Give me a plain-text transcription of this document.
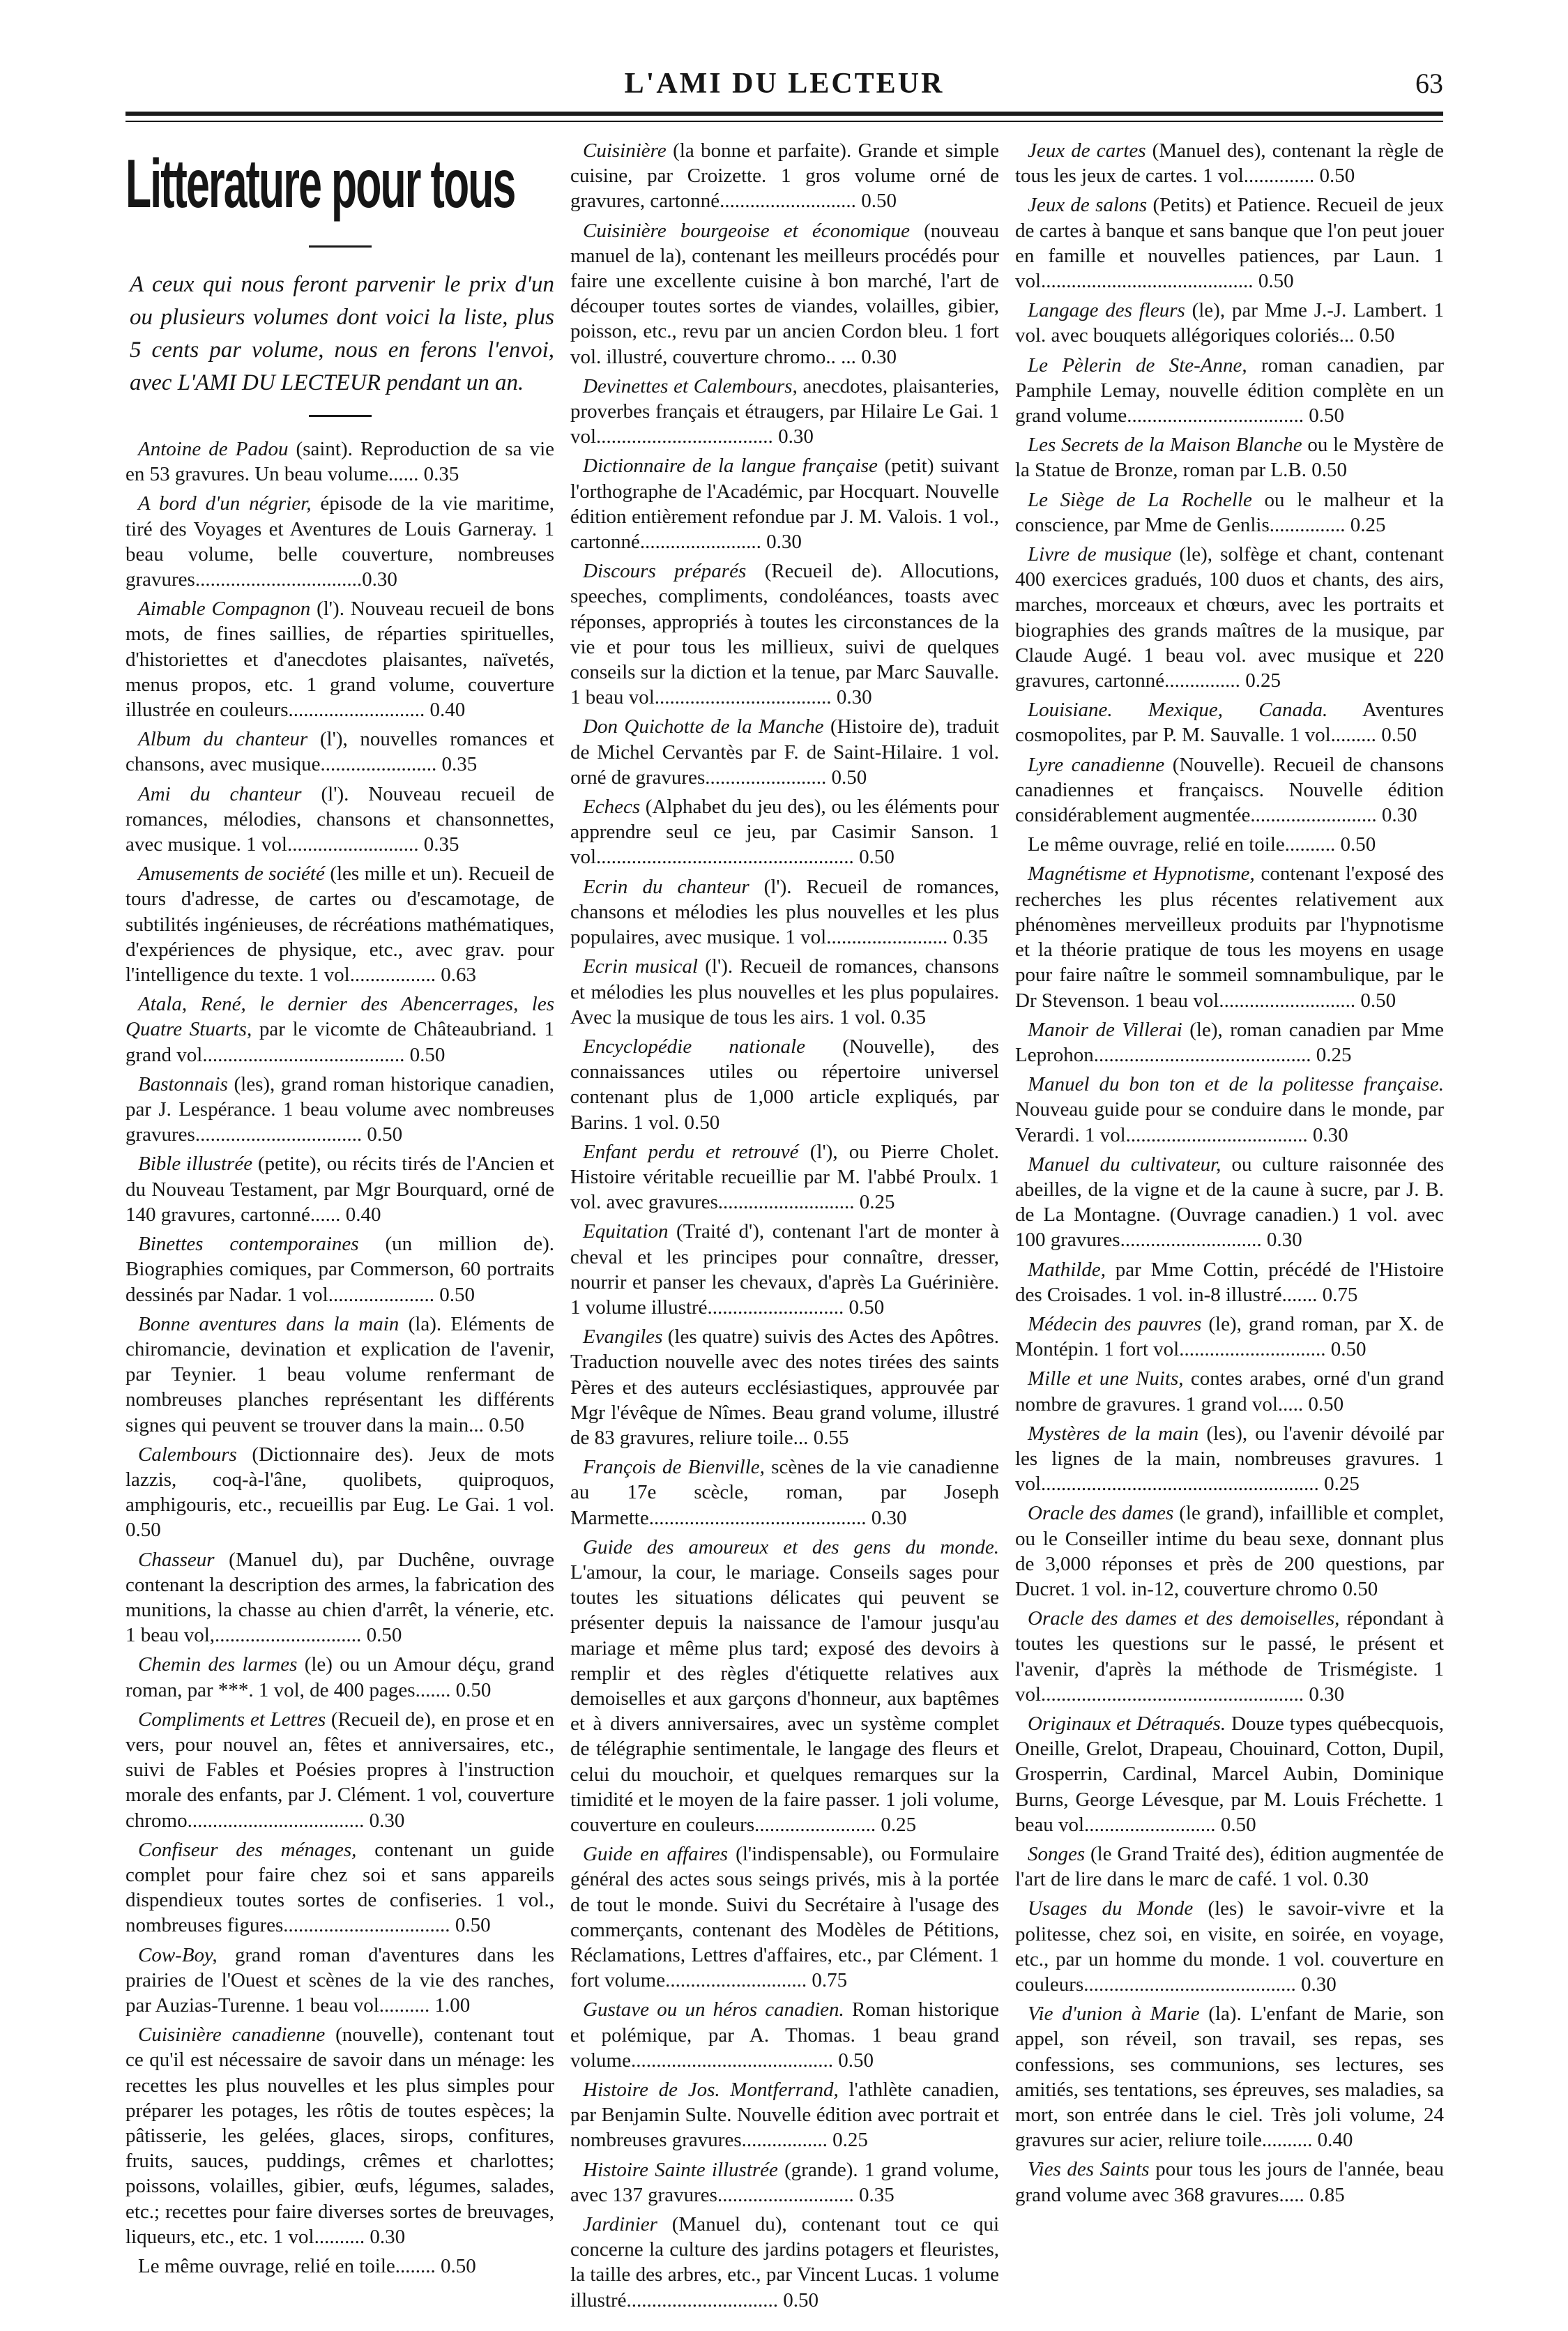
L'AMI DU LECTEUR	63
Litterature pour tous
A ceux qui nous feront parvenir le prix d'un ou plusieurs volumes dont voici la liste, plus 5 cents par volume, nous en ferons l'envoi, avec L'AMI DU LECTEUR pendant un an.
Antoine de Padou (saint). Reproduction de sa vie en 53 gravures. Un beau volume...... 0.35
A bord d'un négrier, épisode de la vie maritime, tiré des Voyages et Aventures de Louis Garneray. 1 beau volume, belle couverture, nombreuses gravures.................................0.30
Aimable Compagnon (l'). Nouveau recueil de bons mots, de fines saillies, de réparties spirituelles, d'historiettes et d'anecdotes plaisantes, naïvetés, menus propos, etc. 1 grand volume, couverture illustrée en couleurs........................... 0.40
Album du chanteur (l'), nouvelles romances et chansons, avec musique....................... 0.35
Ami du chanteur (l'). Nouveau recueil de romances, mélodies, chansons et chansonnettes, avec musique. 1 vol.......................... 0.35
Amusements de société (les mille et un). Recueil de tours d'adresse, de cartes ou d'escamotage, de subtilités ingénieuses, de récréations mathématiques, d'expériences de physique, etc., avec grav. pour l'intelligence du texte. 1 vol................. 0.63
Atala, René, le dernier des Abencerrages, les Quatre Stuarts, par le vicomte de Châteaubriand. 1 grand vol........................................ 0.50
Bastonnais (les), grand roman historique canadien, par J. Lespérance. 1 beau volume avec nombreuses gravures................................. 0.50
Bible illustrée (petite), ou récits tirés de l'Ancien et du Nouveau Testament, par Mgr Bourquard, orné de 140 gravures, cartonné...... 0.40
Binettes contemporaines (un million de). Biographies comiques, par Commerson, 60 portraits dessinés par Nadar. 1 vol..................... 0.50
Bonne aventures dans la main (la). Eléments de chiromancie, devination et explication de l'avenir, par Teynier. 1 beau volume renfermant de nombreuses planches représentant les différents signes qui peuvent se trouver dans la main... 0.50
Calembours (Dictionnaire des). Jeux de mots lazzis, coq-à-l'âne, quolibets, quiproquos, amphigouris, etc., recueillis par Eug. Le Gai. 1 vol. 0.50
Chasseur (Manuel du), par Duchêne, ouvrage contenant la description des armes, la fabrication des munitions, la chasse au chien d'arrêt, la vénerie, etc. 1 beau vol,............................. 0.50
Chemin des larmes (le) ou un Amour déçu, grand roman, par ***. 1 vol, de 400 pages....... 0.50
Compliments et Lettres (Recueil de), en prose et en vers, pour nouvel an, fêtes et anniversaires, etc., suivi de Fables et Poésies propres à l'instruction morale des enfants, par J. Clément. 1 vol, couverture chromo................................... 0.30
Confiseur des ménages, contenant un guide complet pour faire chez soi et sans appareils dispendieux toutes sortes de confiseries. 1 vol., nombreuses figures................................. 0.50
Cow-Boy, grand roman d'aventures dans les prairies de l'Ouest et scènes de la vie des ranches, par Auzias-Turenne. 1 beau vol.......... 1.00
Cuisinière canadienne (nouvelle), contenant tout ce qu'il est nécessaire de savoir dans un ménage: les recettes les plus nouvelles et les plus simples pour préparer les potages, les rôtis de toutes espèces; la pâtisserie, les gelées, glaces, sirops, confitures, fruits, sauces, puddings, crêmes et charlottes; poissons, volailles, gibier, œufs, légumes, salades, etc.; recettes pour faire diverses sortes de breuvages, liqueurs, etc., etc. 1 vol.......... 0.30
Le même ouvrage, relié en toile........ 0.50
Cuisinière (la bonne et parfaite). Grande et simple cuisine, par Croizette. 1 gros volume orné de gravures, cartonné........................... 0.50
Cuisinière bourgeoise et économique (nouveau manuel de la), contenant les meilleurs procédés pour faire une excellente cuisine à bon marché, l'art de découper toutes sortes de viandes, volailles, gibier, poisson, etc., revu par un ancien Cordon bleu. 1 fort vol. illustré, couverture chromo.. ... 0.30
Devinettes et Calembours, anecdotes, plaisanteries, proverbes français et étraugers, par Hilaire Le Gai. 1 vol................................... 0.30
Dictionnaire de la langue française (petit) suivant l'orthographe de l'Académic, par Hocquart. Nouvelle édition entièrement refondue par J. M. Valois. 1 vol., cartonné........................ 0.30
Discours préparés (Recueil de). Allocutions, speeches, compliments, condoléances, toasts avec réponses, appropriés à toutes les circonstances de la vie et pour tous les millieux, suivi de quelques conseils sur la diction et la tenue, par Marc Sauvalle. 1 beau vol................................... 0.30
Don Quichotte de la Manche (Histoire de), traduit de Michel Cervantès par F. de Saint-Hilaire. 1 vol. orné de gravures........................ 0.50
Echecs (Alphabet du jeu des), ou les éléments pour apprendre seul ce jeu, par Casimir Sanson. 1 vol................................................... 0.50
Ecrin du chanteur (l'). Recueil de romances, chansons et mélodies les plus nouvelles et les plus populaires, avec musique. 1 vol........................ 0.35
Ecrin musical (l'). Recueil de romances, chansons et mélodies les plus nouvelles et les plus populaires. Avec la musique de tous les airs. 1 vol. 0.35
Encyclopédie nationale (Nouvelle), des connaissances utiles ou répertoire universel contenant plus de 1,000 article expliqués, par Barins. 1 vol. 0.50
Enfant perdu et retrouvé (l'), ou Pierre Cholet. Histoire véritable recueillie par M. l'abbé Proulx. 1 vol. avec gravures........................... 0.25
Equitation (Traité d'), contenant l'art de monter à cheval et les principes pour connaître, dresser, nourrir et panser les chevaux, d'après La Guérinière. 1 volume illustré........................... 0.50
Evangiles (les quatre) suivis des Actes des Apôtres. Traduction nouvelle avec des notes tirées des saints Pères et des auteurs ecclésiastiques, approuvée par Mgr l'évêque de Nîmes. Beau grand volume, illustré de 83 gravures, reliure toile... 0.55
François de Bienville, scènes de la vie canadienne au 17e scècle, roman, par Joseph Marmette........................................... 0.30
Guide des amoureux et des gens du monde. L'amour, la cour, le mariage. Conseils sages pour toutes les situations délicates qui peuvent se présenter depuis la naissance de l'amour jusqu'au mariage et même plus tard; exposé des devoirs à remplir et des règles d'étiquette relatives aux demoiselles et aux garçons d'honneur, aux baptêmes et à divers anniversaires, avec un système complet de télégraphie sentimentale, le langage des fleurs et celui du mouchoir, et quelques remarques sur la timidité et le moyen de la faire passer. 1 joli volume, couverture en couleurs........................ 0.25
Guide en affaires (l'indispensable), ou Formulaire général des actes sous seings privés, mis à la portée de tout le monde. Suivi du Secrétaire à l'usage des commerçants, contenant des Modèles de Pétitions, Réclamations, Lettres d'affaires, etc., par Clément. 1 fort volume............................ 0.75
Gustave ou un héros canadien. Roman historique et polémique, par A. Thomas. 1 beau grand volume........................................ 0.50
Histoire de Jos. Montferrand, l'athlète canadien, par Benjamin Sulte. Nouvelle édition avec portrait et nombreuses gravures................. 0.25
Histoire Sainte illustrée (grande). 1 grand volume, avec 137 gravures........................... 0.35
Jardinier (Manuel du), contenant tout ce qui concerne la culture des jardins potagers et fleuristes, la taille des arbres, etc., par Vincent Lucas. 1 volume illustré.............................. 0.50
Jeux de cartes (Manuel des), contenant la règle de tous les jeux de cartes. 1 vol.............. 0.50
Jeux de salons (Petits) et Patience. Recueil de jeux de cartes à banque et sans banque que l'on peut jouer en famille et nouvelles patiences, par Laun. 1 vol.......................................... 0.50
Langage des fleurs (le), par Mme J.-J. Lambert. 1 vol. avec bouquets allégoriques coloriés... 0.50
Le Pèlerin de Ste-Anne, roman canadien, par Pamphile Lemay, nouvelle édition complète en un grand volume................................... 0.50
Les Secrets de la Maison Blanche ou le Mystère de la Statue de Bronze, roman par L.B. 0.50
Le Siège de La Rochelle ou le malheur et la conscience, par Mme de Genlis............... 0.25
Livre de musique (le), solfège et chant, contenant 400 exercices gradués, 100 duos et chants, des airs, marches, morceaux et chœurs, avec les portraits et biographies des grands maîtres de la musique, par Claude Augé. 1 beau vol. avec musique et 220 gravures, cartonné............... 0.25
Louisiane. Mexique, Canada. Aventures cosmopolites, par P. M. Sauvalle. 1 vol......... 0.50
Lyre canadienne (Nouvelle). Recueil de chansons canadiennes et françaiscs. Nouvelle édition considérablement augmentée......................... 0.30
Le même ouvrage, relié en toile.......... 0.50
Magnétisme et Hypnotisme, contenant l'exposé des recherches les plus récentes relativement aux phénomènes merveilleux produits par l'hypnotisme et la théorie pratique de tous les moyens en usage pour faire naître le sommeil somnambulique, par le Dr Stevenson. 1 beau vol........................... 0.50
Manoir de Villerai (le), roman canadien par Mme Leprohon........................................... 0.25
Manuel du bon ton et de la politesse française. Nouveau guide pour se conduire dans le monde, par Verardi. 1 vol.................................... 0.30
Manuel du cultivateur, ou culture raisonnée des abeilles, de la vigne et de la caune à sucre, par J. B. de La Montagne. (Ouvrage canadien.) 1 vol. avec 100 gravures............................ 0.30
Mathilde, par Mme Cottin, précédé de l'Histoire des Croisades. 1 vol. in-8 illustré....... 0.75
Médecin des pauvres (le), grand roman, par X. de Montépin. 1 fort vol............................. 0.50
Mille et une Nuits, contes arabes, orné d'un grand nombre de gravures. 1 grand vol..... 0.50
Mystères de la main (les), ou l'avenir dévoilé par les lignes de la main, nombreuses gravures. 1 vol....................................................... 0.25
Oracle des dames (le grand), infaillible et complet, ou le Conseiller intime du beau sexe, donnant plus de 3,000 réponses et près de 200 questions, par Ducret. 1 vol. in-12, couverture chromo 0.50
Oracle des dames et des demoiselles, répondant à toutes les questions sur le passé, le présent et l'avenir, d'après la méthode de Trismégiste. 1 vol.................................................... 0.30
Originaux et Détraqués. Douze types québecquois, Oneille, Grelot, Drapeau, Chouinard, Cotton, Dupil, Grosperrin, Cardinal, Marcel Aubin, Dominique Burns, George Lévesque, par M. Louis Fréchette. 1 beau vol.......................... 0.50
Songes (le Grand Traité des), édition augmentée de l'art de lire dans le marc de café. 1 vol. 0.30
Usages du Monde (les) le savoir-vivre et la politesse, chez soi, en visite, en soirée, en voyage, etc., par un homme du monde. 1 vol. couverture en couleurs.......................................... 0.30
Vie d'union à Marie (la). L'enfant de Marie, son appel, son réveil, son travail, ses repas, ses confessions, ses communions, ses lectures, ses amitiés, ses tentations, ses épreuves, ses maladies, sa mort, son entrée dans le ciel. Très joli volume, 24 gravures sur acier, reliure toile.......... 0.40
Vies des Saints pour tous les jours de l'année, beau grand volume avec 368 gravures..... 0.85
